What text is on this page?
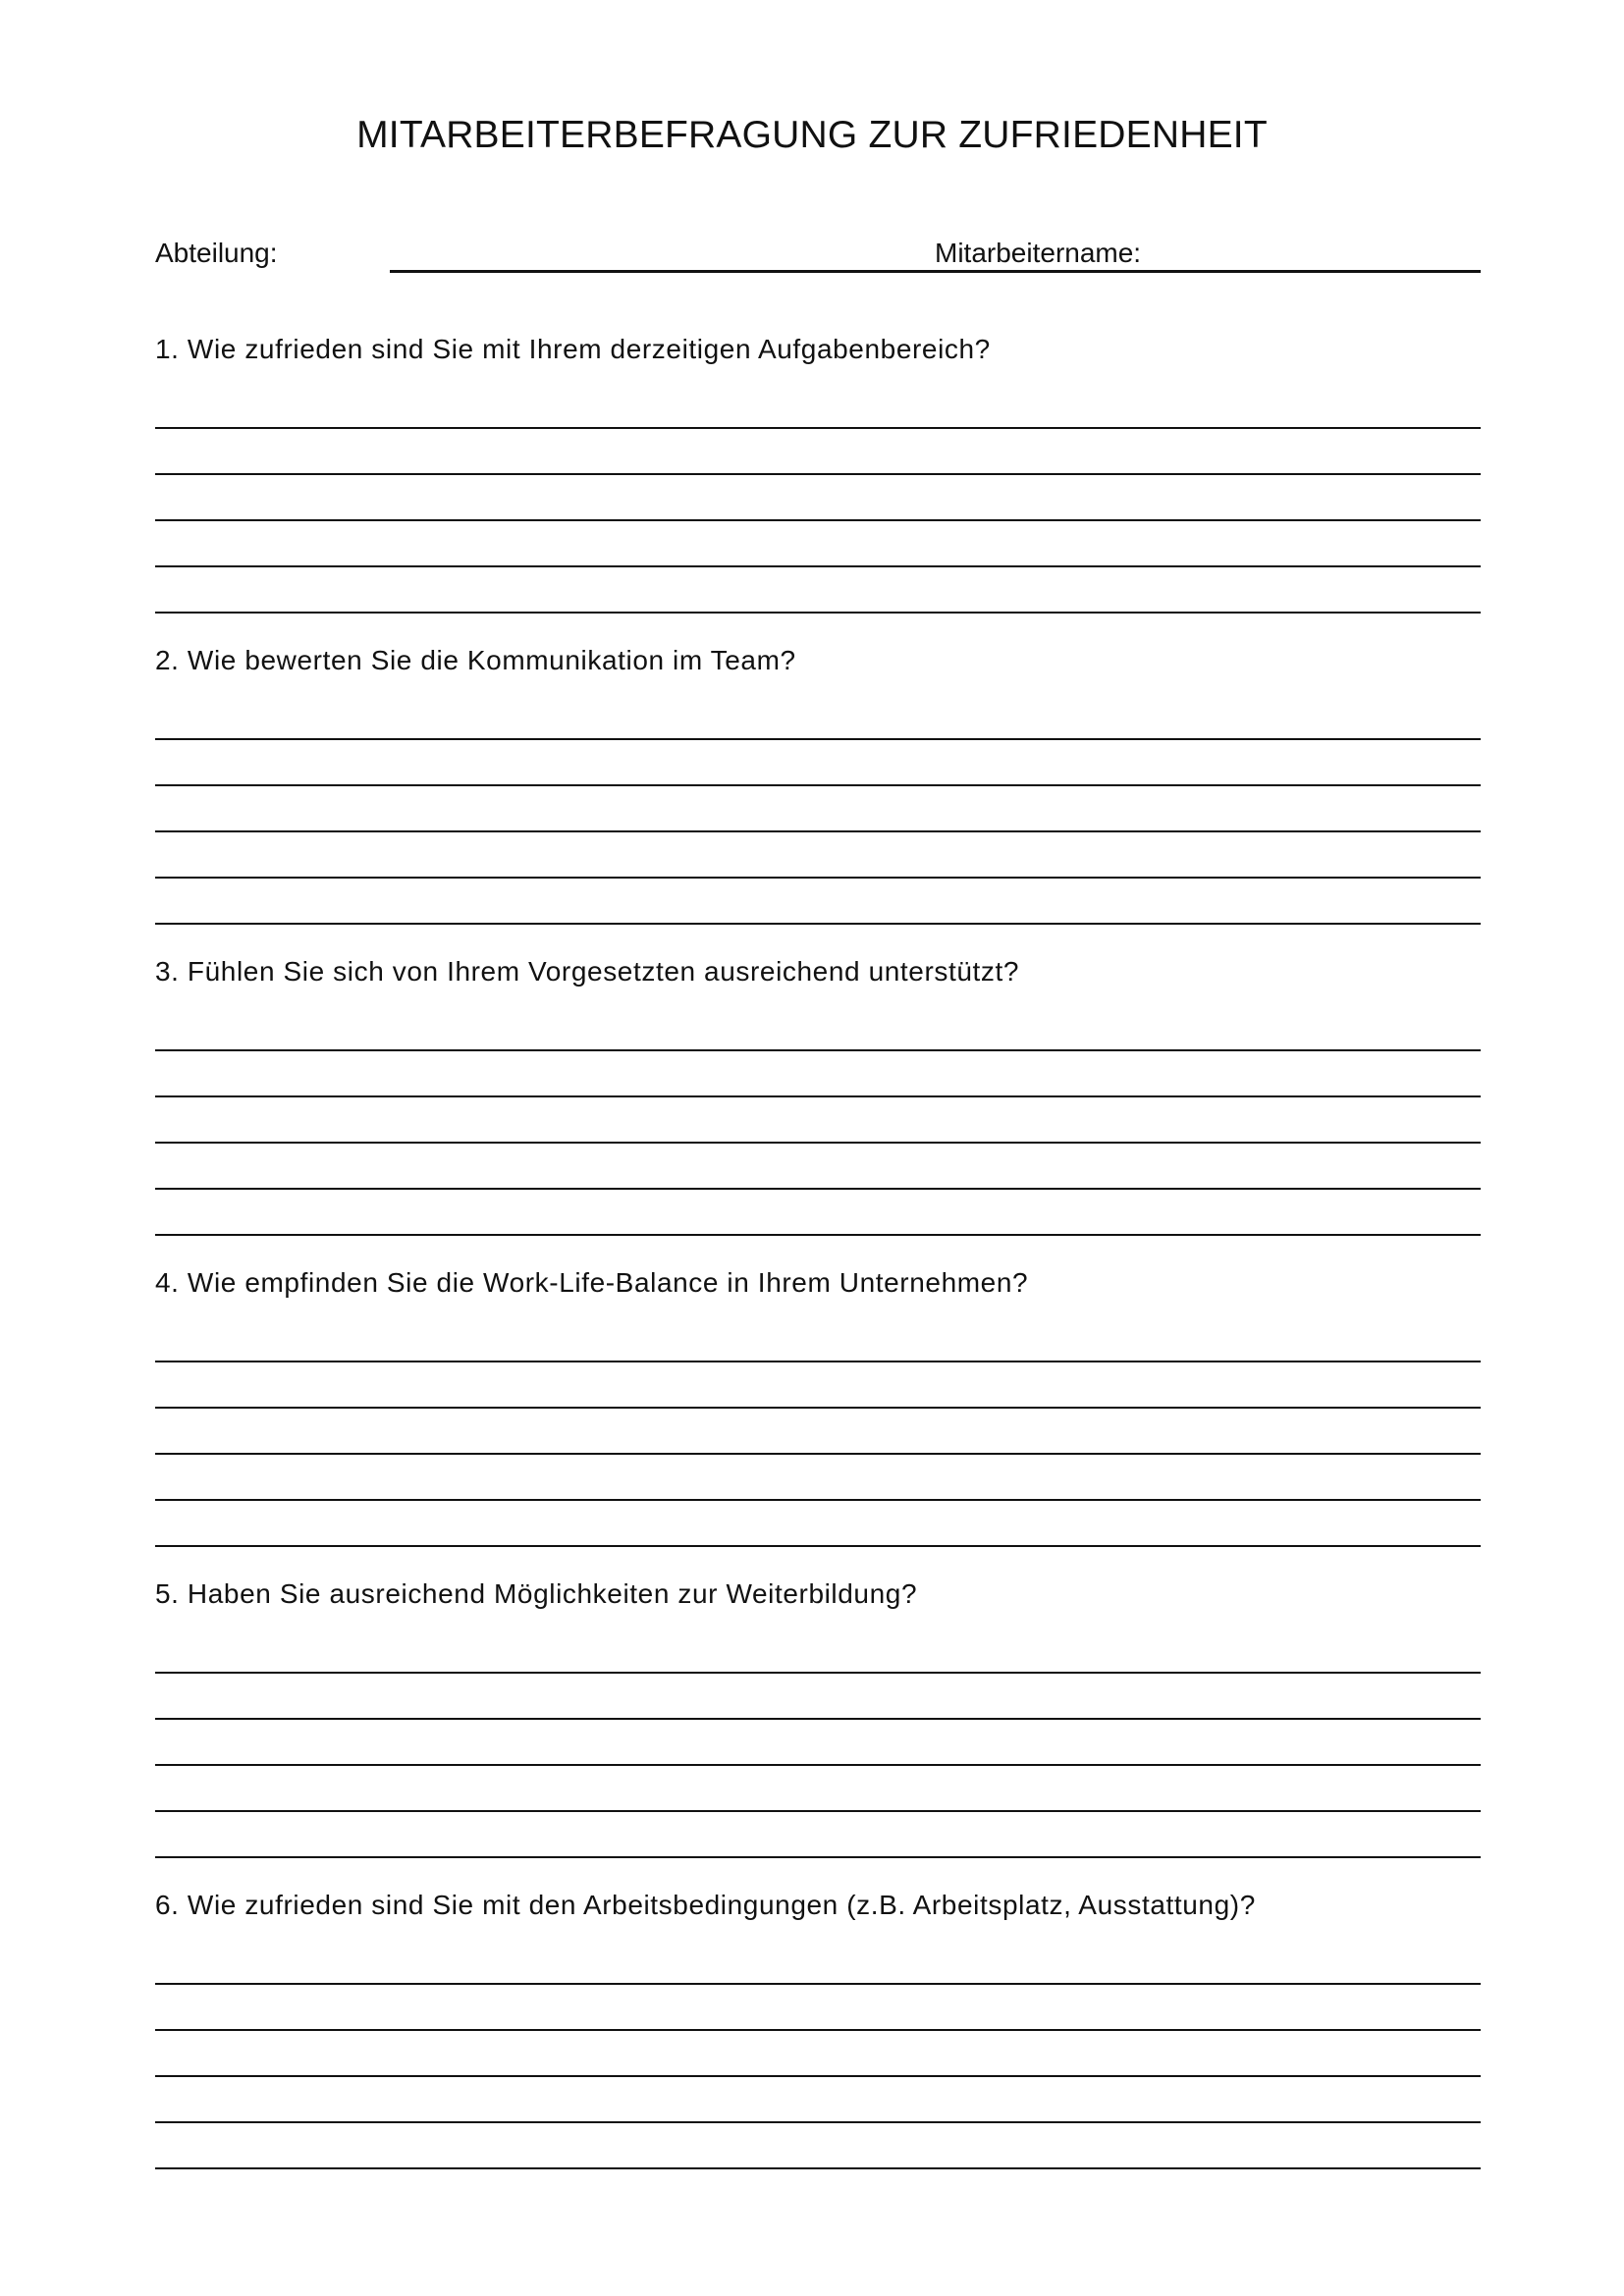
MITARBEITERBEFRAGUNG ZUR ZUFRIEDENHEIT
Abteilung:	Mitarbeitername:
1. Wie zufrieden sind Sie mit Ihrem derzeitigen Aufgabenbereich?
2. Wie bewerten Sie die Kommunikation im Team?
3. Fühlen Sie sich von Ihrem Vorgesetzten ausreichend unterstützt?
4. Wie empfinden Sie die Work-Life-Balance in Ihrem Unternehmen?
5. Haben Sie ausreichend Möglichkeiten zur Weiterbildung?
6. Wie zufrieden sind Sie mit den Arbeitsbedingungen (z.B. Arbeitsplatz, Ausstattung)?
